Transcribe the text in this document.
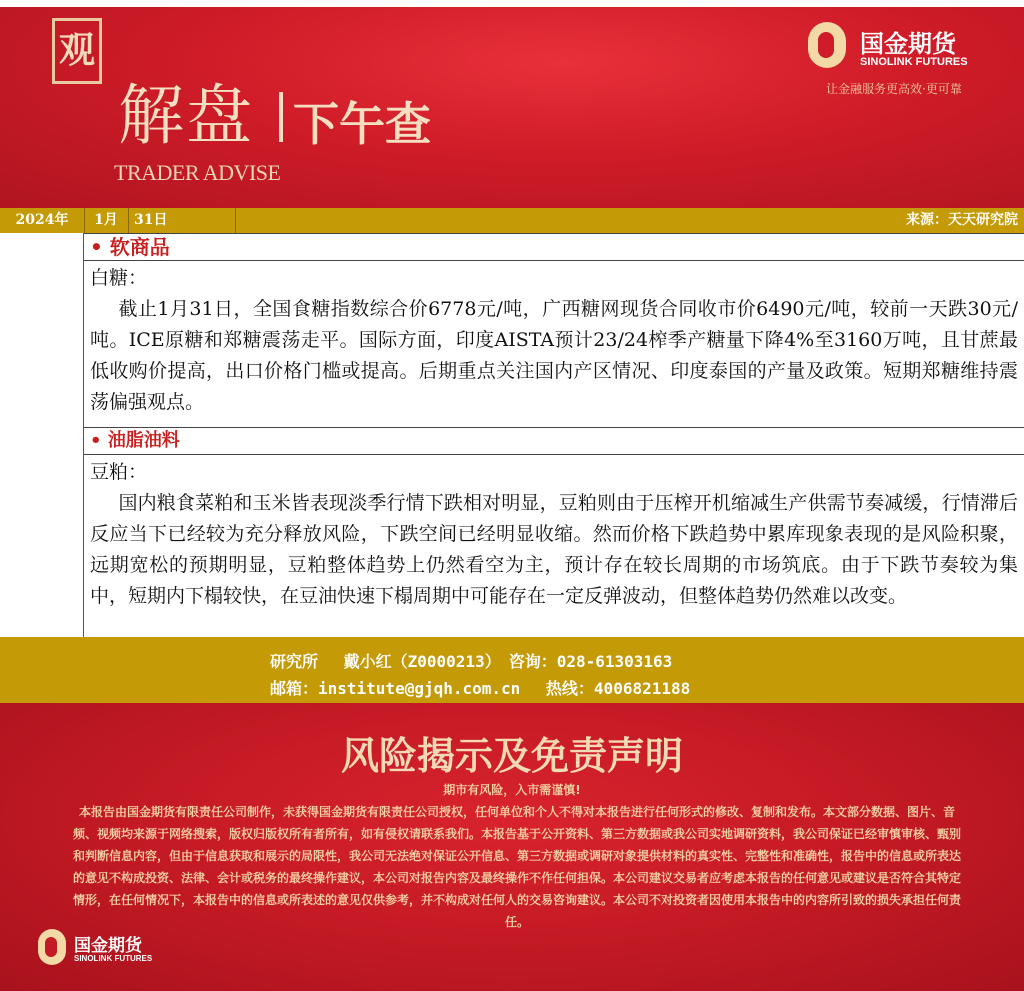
观
解盘 下午查
TRADER ADVISE
国金期货
SINOLINK FUTURES
让金融服务更高效·更可靠
2024年	1月	31日	来源：天天研究院
• 软商品
白糖：
截止1月31日，全国食糖指数综合价6778元/吨，广西糖网现货合同收市价6490元/吨，较前一天跌30元/吨。ICE原糖和郑糖震荡走平。国际方面，印度AISTA预计23/24榨季产糖量下降4%至3160万吨，且甘蔗最低收购价提高，出口价格门槛或提高。后期重点关注国内产区情况、印度泰国的产量及政策。短期郑糖维持震荡偏强观点。
• 油脂油料
豆粕：
国内粮食菜粕和玉米皆表现淡季行情下跌相对明显，豆粕则由于压榨开机缩减生产供需节奏减缓，行情滞后反应当下已经较为充分释放风险，下跌空间已经明显收缩。然而价格下跌趋势中累库现象表现的是风险积聚，远期宽松的预期明显，豆粕整体趋势上仍然看空为主，预计存在较长周期的市场筑底。由于下跌节奏较为集中，短期内下榻较快，在豆油快速下榻周期中可能存在一定反弹波动，但整体趋势仍然难以改变。
研究所　 戴小红（Z0000213）　咨询：028-61303163
邮箱：institute@gjqh.com.cn　 热线：4006821188
风险揭示及免责声明
期市有风险，入市需谨慎!
本报告由国金期货有限责任公司制作，未获得国金期货有限责任公司授权，任何单位和个人不得对本报告进行任何形式的修改、复制和发布。本文部分数据、图片、音频、视频均来源于网络搜索，版权归版权所有者所有，如有侵权请联系我们。本报告基于公开资料、第三方数据或我公司实地调研资料，我公司保证已经审慎审核、甄别和判断信息内容，但由于信息获取和展示的局限性，我公司无法绝对保证公开信息、第三方数据或调研对象提供材料的真实性、完整性和准确性，报告中的信息或所表达的意见不构成投资、法律、会计或税务的最终操作建议，本公司对报告内容及最终操作不作任何担保。本公司建议交易者应考虑本报告的任何意见或建议是否符合其特定情形，在任何情况下，本报告中的信息或所表述的意见仅供参考，并不构成对任何人的交易咨询建议。本公司不对投资者因使用本报告中的内容所引致的损失承担任何责任。
国金期货
SINOLINK FUTURES
